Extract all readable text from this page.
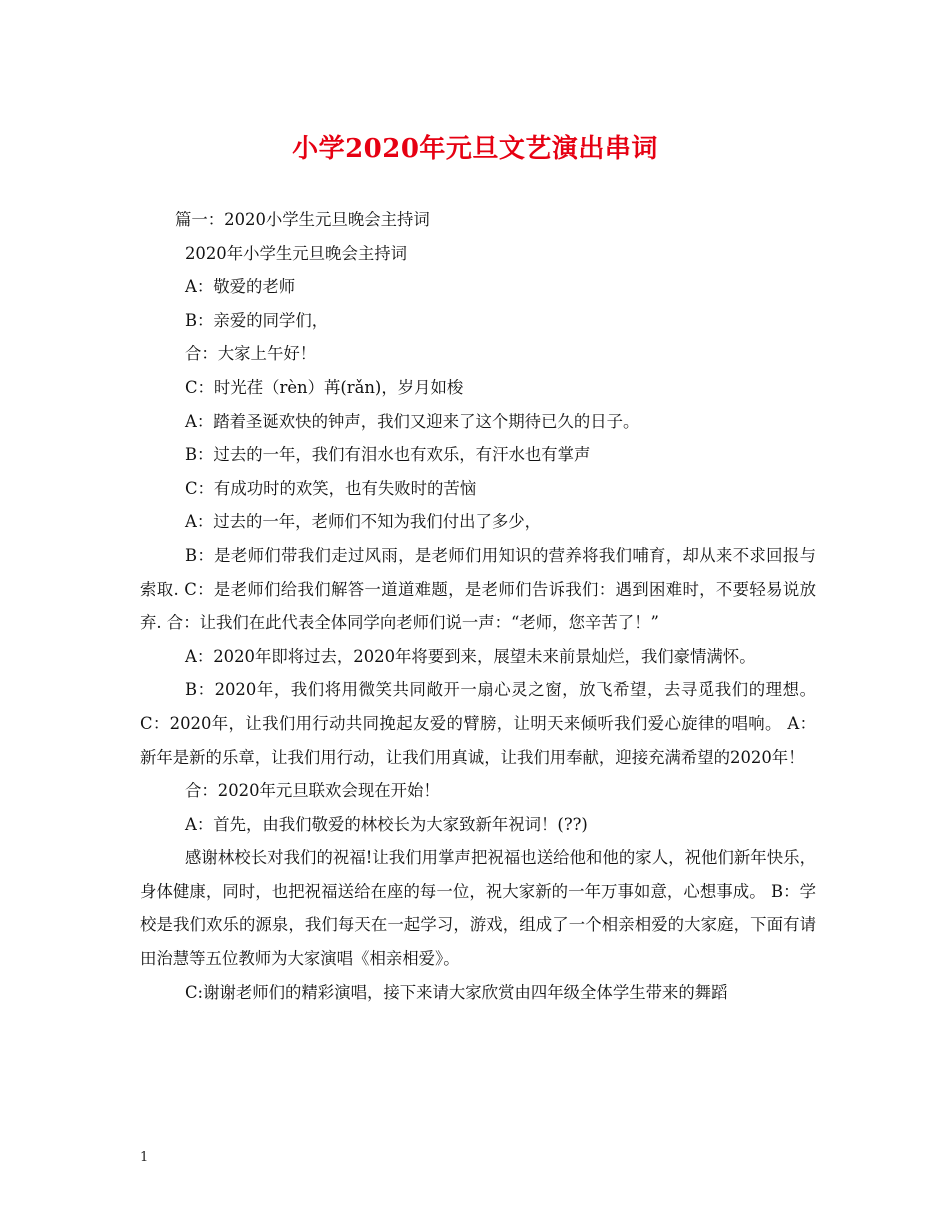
小学2020年元旦文艺演出串词

篇一：2020小学生元旦晚会主持词

2020年小学生元旦晚会主持词

A：敬爱的老师

B：亲爱的同学们，

合：大家上午好！

C：时光荏（rèn）苒(rǎn)，岁月如梭

A：踏着圣诞欢快的钟声，我们又迎来了这个期待已久的日子。

B：过去的一年，我们有泪水也有欢乐，有汗水也有掌声

C：有成功时的欢笑，也有失败时的苦恼

A：过去的一年，老师们不知为我们付出了多少，

B：是老师们带我们走过风雨，是老师们用知识的营养将我们哺育，却从来不求回报与索取. C：是老师们给我们解答一道道难题，是老师们告诉我们：遇到困难时，不要轻易说放弃. 合：让我们在此代表全体同学向老师们说一声：“老师，您辛苦了！”

A：2020年即将过去，2020年将要到来，展望未来前景灿烂，我们豪情满怀。

B：2020年，我们将用微笑共同敞开一扇心灵之窗，放飞希望，去寻觅我们的理想。 C：2020年，让我们用行动共同挽起友爱的臂膀，让明天来倾听我们爱心旋律的唱响。 A：新年是新的乐章，让我们用行动，让我们用真诚，让我们用奉献，迎接充满希望的2020年！

合：2020年元旦联欢会现在开始！

A：首先，由我们敬爱的林校长为大家致新年祝词！(??)

感谢林校长对我们的祝福!让我们用掌声把祝福也送给他和他的家人，祝他们新年快乐，身体健康，同时，也把祝福送给在座的每一位，祝大家新的一年万事如意，心想事成。 B：学校是我们欢乐的源泉，我们每天在一起学习，游戏，组成了一个相亲相爱的大家庭，下面有请田治慧等五位教师为大家演唱《相亲相爱》。

C:谢谢老师们的精彩演唱，接下来请大家欣赏由四年级全体学生带来的舞蹈

1
